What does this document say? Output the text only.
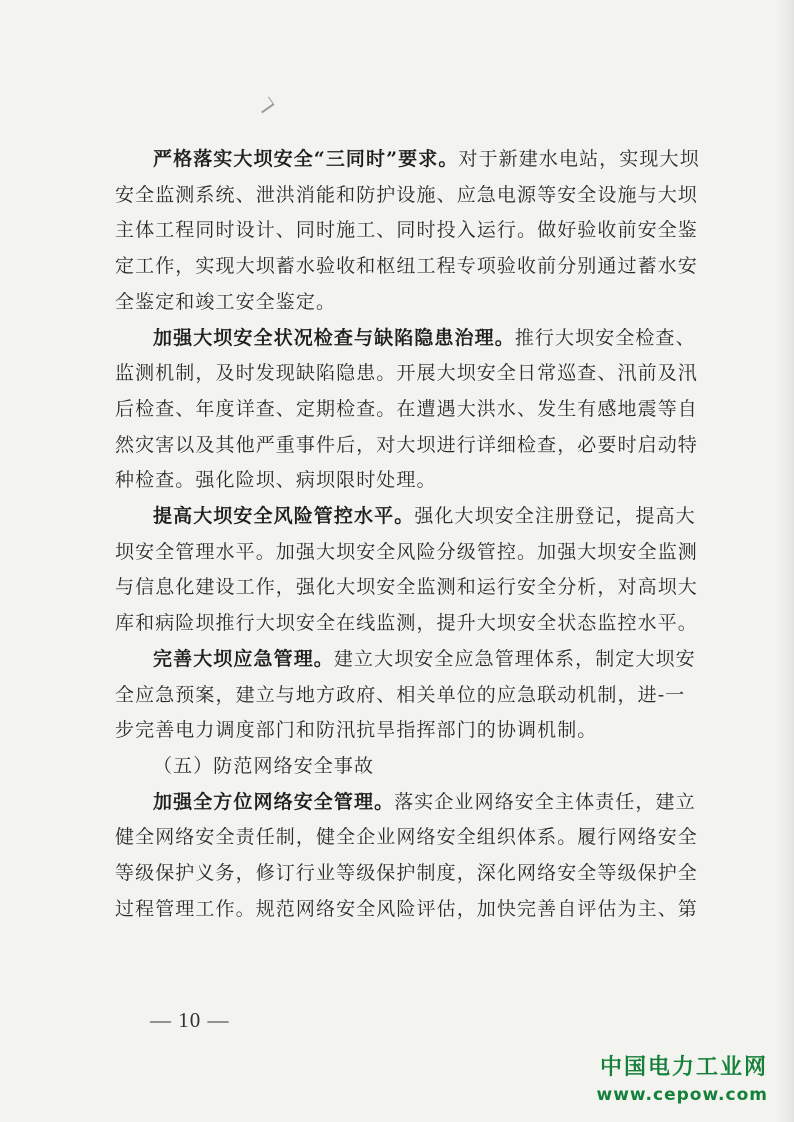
严格落实大坝安全“三同时”要求。对于新建水电站，实现大坝安全监测系统、泄洪消能和防护设施、应急电源等安全设施与大坝主体工程同时设计、同时施工、同时投入运行。做好验收前安全鉴定工作，实现大坝蓄水验收和枢纽工程专项验收前分别通过蓄水安全鉴定和竣工安全鉴定。

加强大坝安全状况检查与缺陷隐患治理。推行大坝安全检查、监测机制，及时发现缺陷隐患。开展大坝安全日常巡查、汛前及汛后检查、年度详查、定期检查。在遭遇大洪水、发生有感地震等自然灾害以及其他严重事件后，对大坝进行详细检查，必要时启动特种检查。强化险坝、病坝限时处理。

提高大坝安全风险管控水平。强化大坝安全注册登记，提高大坝安全管理水平。加强大坝安全风险分级管控。加强大坝安全监测与信息化建设工作，强化大坝安全监测和运行安全分析，对高坝大库和病险坝推行大坝安全在线监测，提升大坝安全状态监控水平。

完善大坝应急管理。建立大坝安全应急管理体系，制定大坝安全应急预案，建立与地方政府、相关单位的应急联动机制，进-一步完善电力调度部门和防汛抗旱指挥部门的协调机制。

（五）防范网络安全事故

加强全方位网络安全管理。落实企业网络安全主体责任，建立健全网络安全责任制，健全企业网络安全组织体系。履行网络安全等级保护义务，修订行业等级保护制度，深化网络安全等级保护全过程管理工作。规范网络安全风险评估，加快完善自评估为主、第

— 10 —
中国电力工业网
www.cepow.com
